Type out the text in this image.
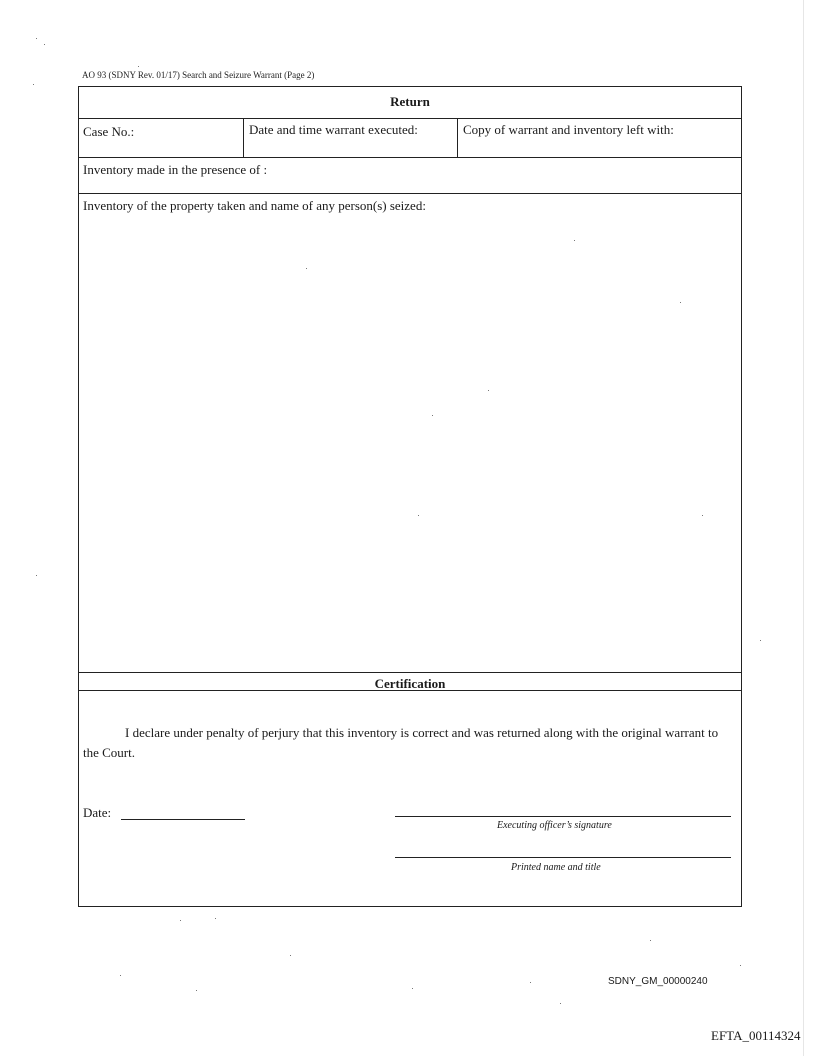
AO 93 (SDNY Rev. 01/17) Search and Seizure Warrant (Page 2)
Return
Case No.:	Date and time warrant executed:	Copy of warrant and inventory left with:
Inventory made in the presence of :
Inventory of the property taken and name of any person(s) seized:
Certification
I declare under penalty of perjury that this inventory is correct and was returned along with the original warrant to the Court.
Date:
Executing officer’s signature
Printed name and title
SDNY_GM_00000240
EFTA_00114324
